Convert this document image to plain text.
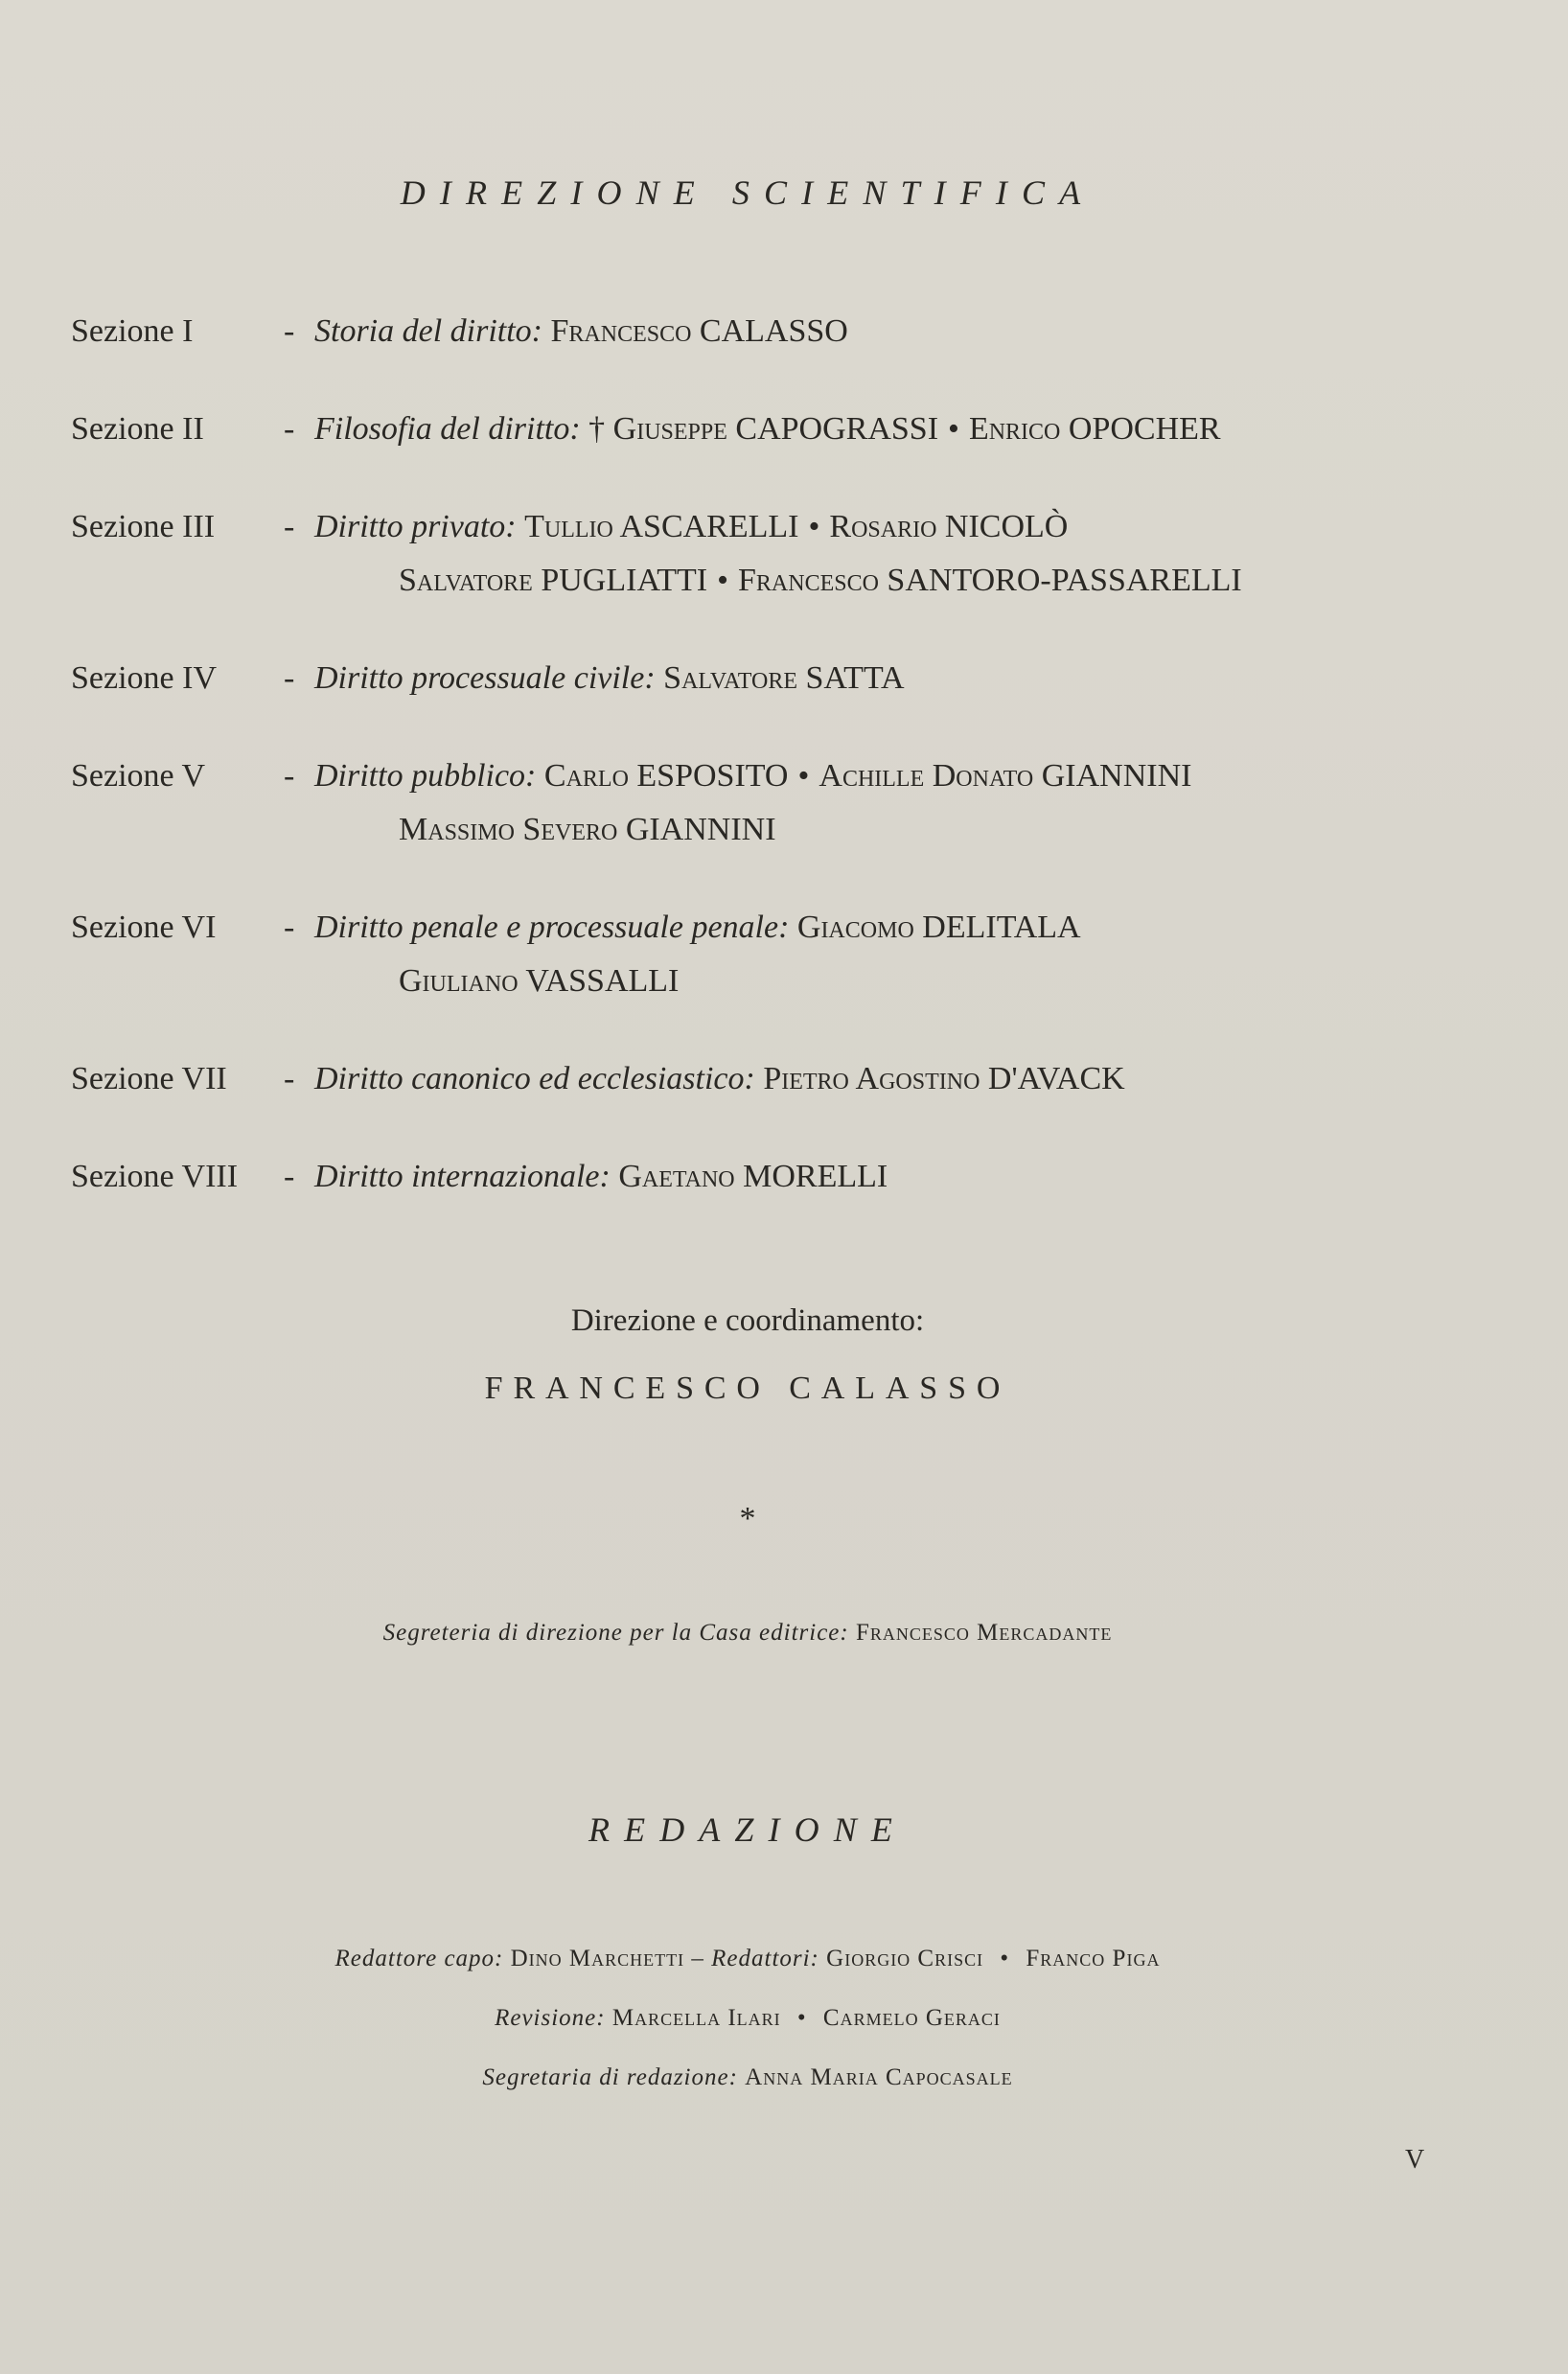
DIREZIONE SCIENTIFICA
Sezione I	- Storia del diritto: Francesco CALASSO
Sezione II	- Filosofia del diritto: † Giuseppe CAPOGRASSI • Enrico OPOCHER
Sezione III	- Diritto privato: Tullio ASCARELLI • Rosario NICOLÒ
Salvatore PUGLIATTI • Francesco SANTORO-PASSARELLI
Sezione IV	- Diritto processuale civile: Salvatore SATTA
Sezione V	- Diritto pubblico: Carlo ESPOSITO • Achille Donato GIANNINI
Massimo Severo GIANNINI
Sezione VI	- Diritto penale e processuale penale: Giacomo DELITALA
Giuliano VASSALLI
Sezione VII	- Diritto canonico ed ecclesiastico: Pietro Agostino D'AVACK
Sezione VIII	- Diritto internazionale: Gaetano MORELLI
Direzione e coordinamento:
FRANCESCO CALASSO
*
Segreteria di direzione per la Casa editrice: Francesco Mercadante
REDAZIONE
Redattore capo: Dino Marchetti – Redattori: Giorgio Crisci • Franco Piga
Revisione: Marcella Ilari • Carmelo Geraci
Segretaria di redazione: Anna Maria Capocasale
V
